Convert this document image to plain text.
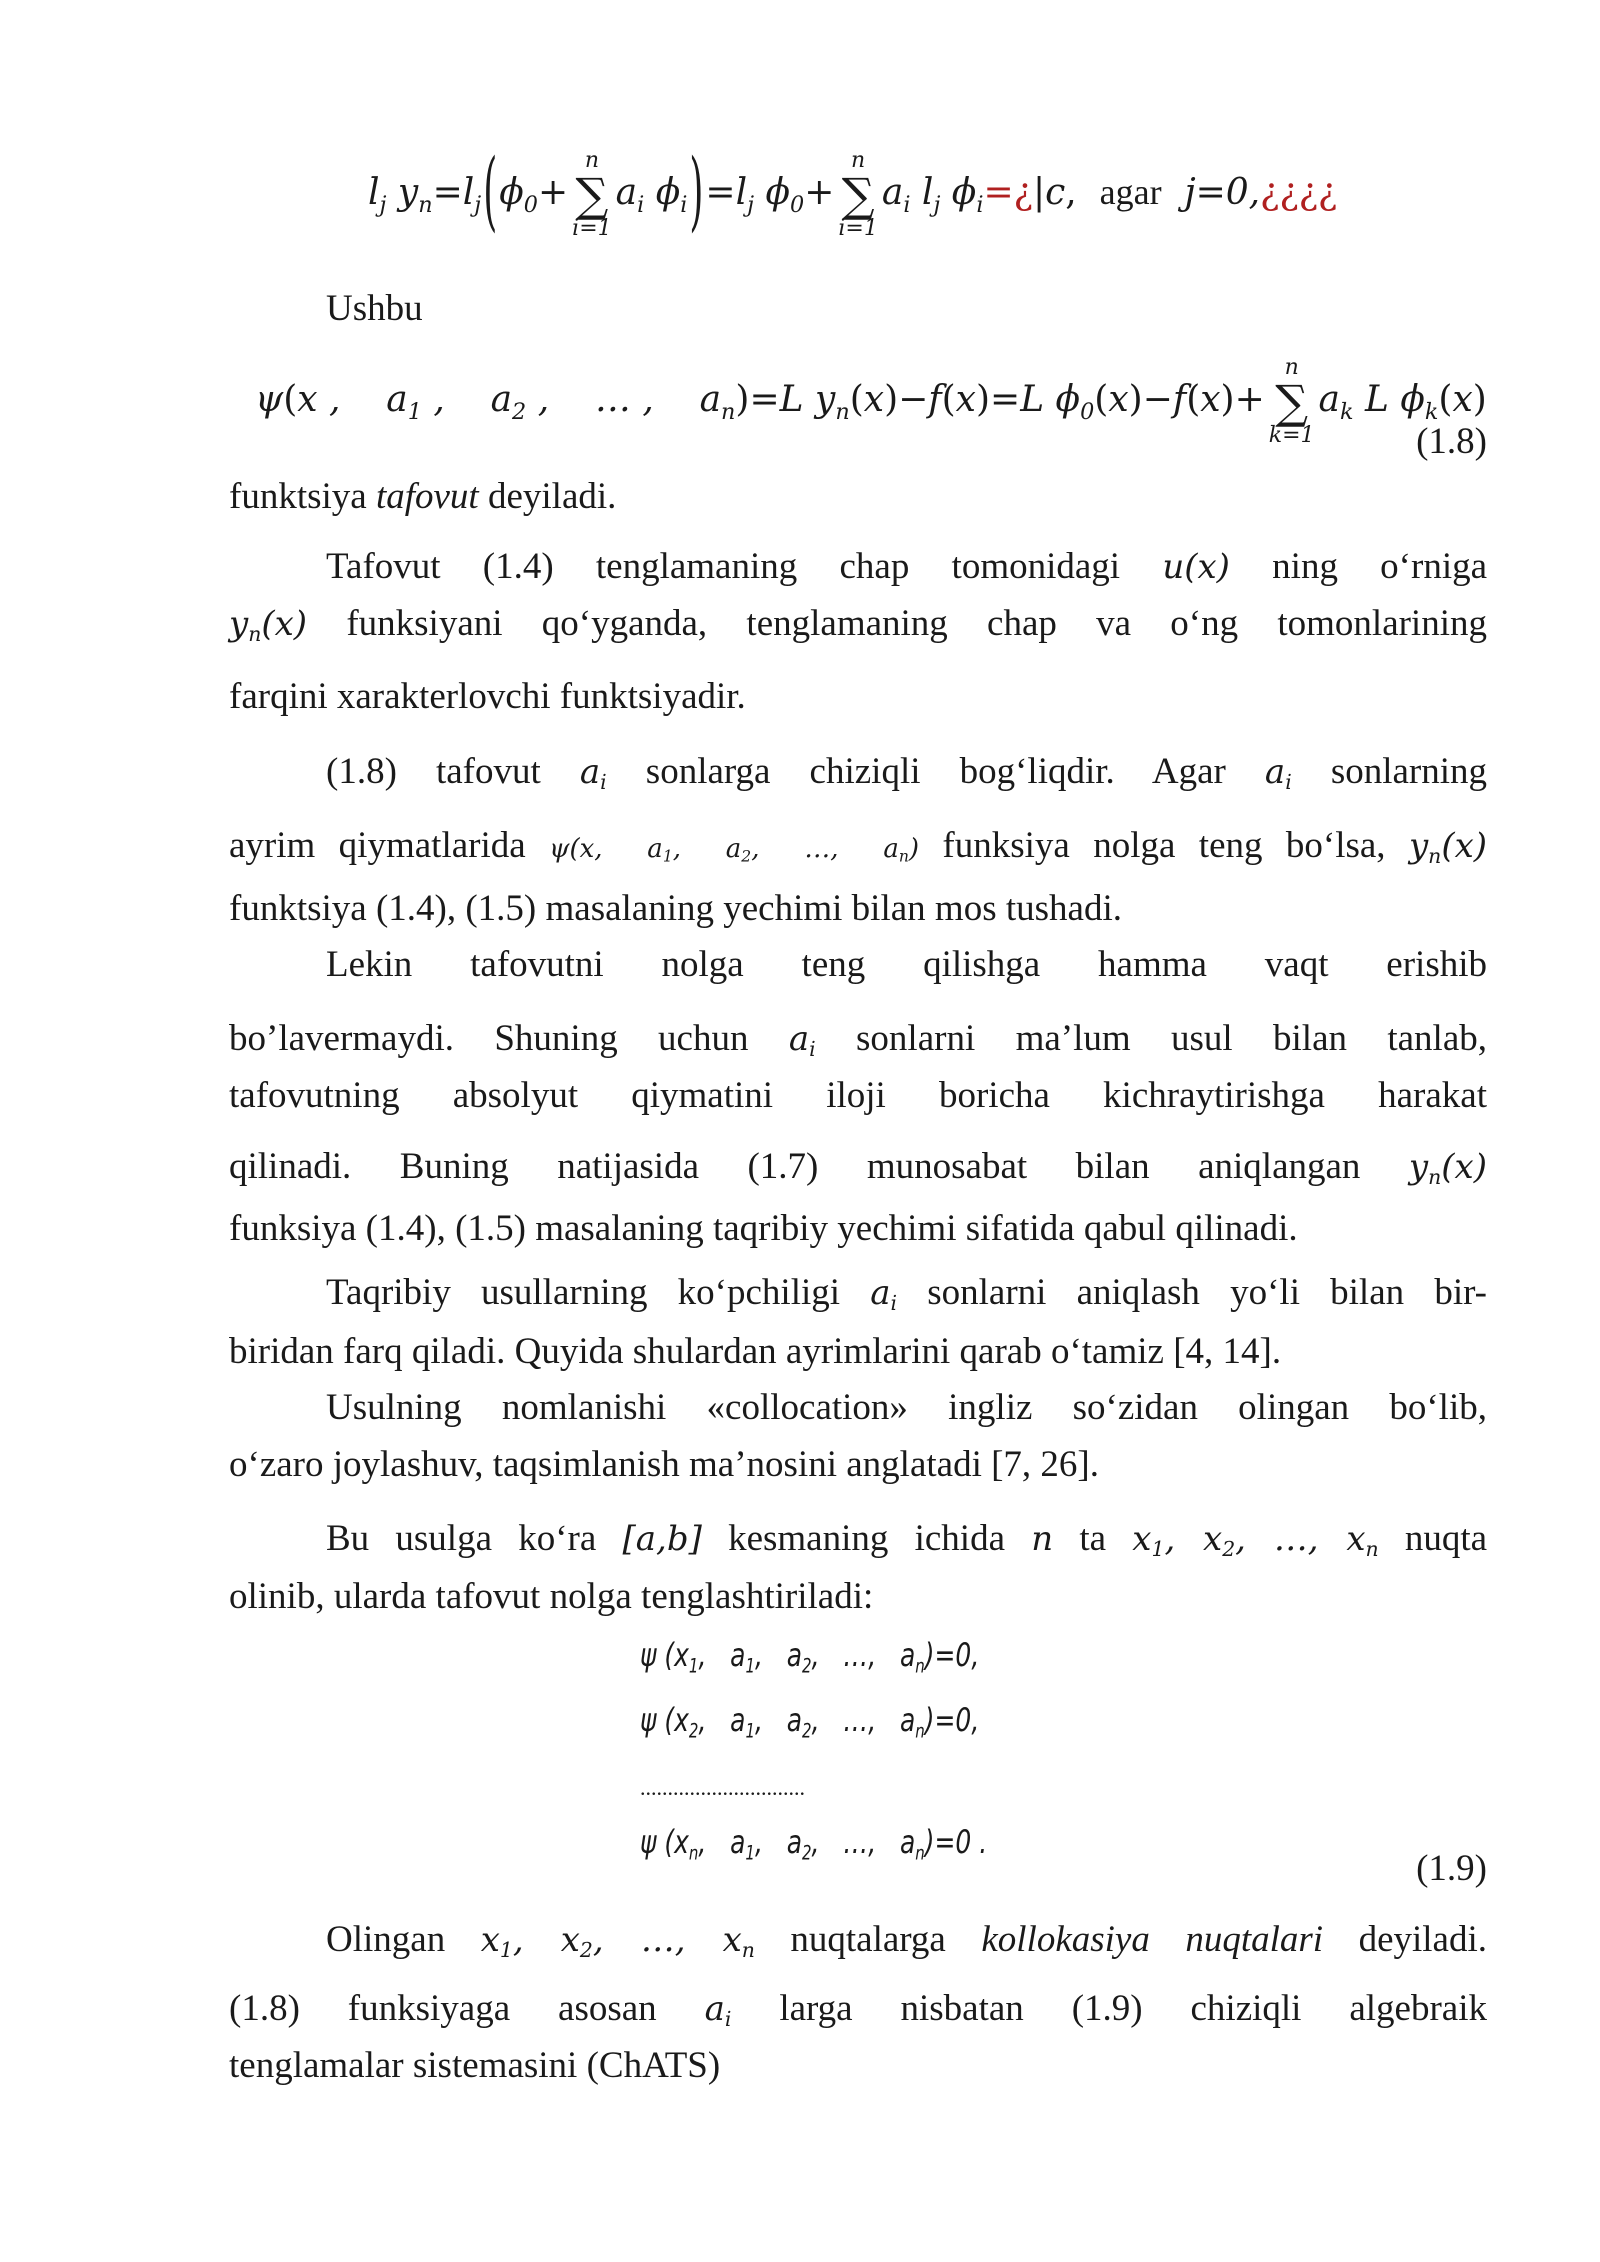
$l_j$ $y_n=l_j(\phi_0+$
n
∑
i=1
$a_i$ $\phi_i)=l_j$ $\phi_0+$
n
∑
i=1
$a_i$ $l_j$ $\phi_i=¿|c$,  agar j=0,¿¿¿¿
Ushbu
ψ(x ,    $a_1$ ,    $a_2$ ,    … ,    $a_n)=L$ $y_n(x)-f(x)=L$ $\phi_0(x)-f(x)+$
n
∑
k=1
$a_k$ L $\phi_k(x)$
(1.8)
funktsiya tafovut deyiladi.
Tafovut (1.4) tenglamaning chap tomonidagi u(x) ning o‘rniga
$y_n(x)$ funksiyani qo‘yganda, tenglamaning chap va o‘ng tomonlarining
farqini xarakterlovchi funktsiyadir.
(1.8) tafovut $a_i$ sonlarga chiziqli bog‘liqdir. Agar $a_i$ sonlarning
ayrim qiymatlarida ψ(x,  $a_1$,  $a_2$,  …,  $a_n$) funksiya nolga teng bo‘lsa, $y_n(x)$
funktsiya (1.4), (1.5) masalaning yechimi bilan mos tushadi.
Lekin tafovutni nolga teng qilishga hamma vaqt erishib
bo’lavermaydi. Shuning uchun $a_i$ sonlarni ma’lum usul bilan tanlab,
tafovutning absolyut qiymatini iloji boricha kichraytirishga harakat
qilinadi. Buning natijasida (1.7) munosabat bilan aniqlangan $y_n(x)$
funksiya (1.4), (1.5) masalaning taqribiy yechimi sifatida qabul qilinadi.
Taqribiy usullarning ko‘pchiligi $a_i$ sonlarni aniqlash yo‘li bilan bir-
biridan farq qiladi. Quyida shulardan ayrimlarini qarab o‘tamiz [4, 14].
Usulning nomlanishi «collocation» ingliz so‘zidan olingan bo‘lib,
o‘zaro joylashuv, taqsimlanish ma’nosini anglatadi [7, 26].
Bu usulga ko‘ra [a,b] kesmaning ichida n ta $x_1$, $x_2$, …, $x_n$ nuqta
olinib, ularda tafovut nolga tenglashtiriladi:
ψ ($x_1$,   $a_1$,   $a_2$,   …,   $a_n)=0$,
ψ ($x_2$,   $a_1$,   $a_2$,   …,   $a_n)=0$,
..............................
ψ ($x_n$,   $a_1$,   $a_2$,   …,   $a_n)=0$ .
(1.9)
Olingan $x_1$, $x_2$, …, $x_n$ nuqtalarga kollokasiya nuqtalari deyiladi.
(1.8) funksiyaga asosan $a_i$ larga nisbatan (1.9) chiziqli algebraik
tenglamalar sistemasini (ChATS)
